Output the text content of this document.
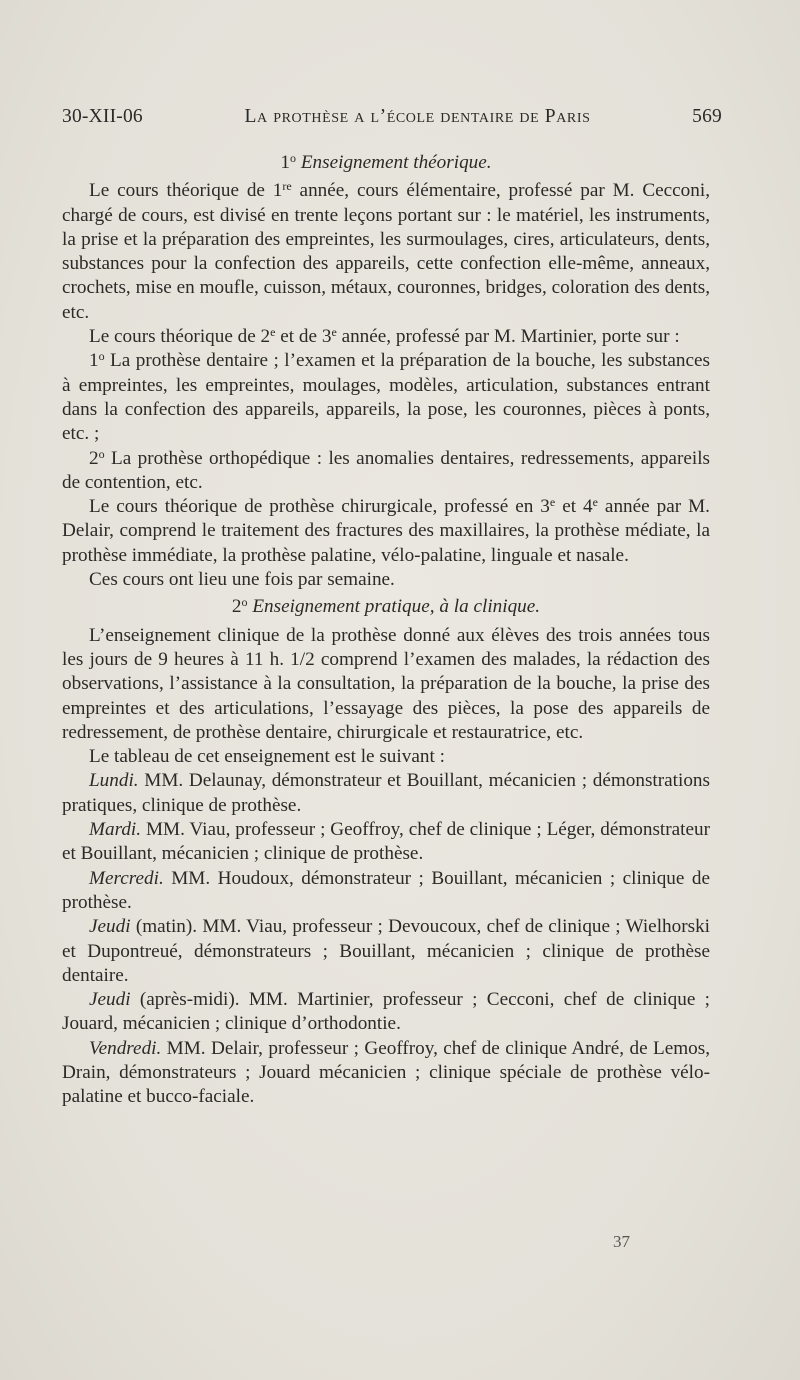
30-XII-06	La prothèse a l’école dentaire de Paris	569

1$^o$ Enseignement théorique.

Le cours théorique de 1re année, cours élémentaire, professé par M. Cecconi, chargé de cours, est divisé en trente leçons portant sur : le matériel, les instruments, la prise et la préparation des empreintes, les surmoulages, cires, articulateurs, dents, substances pour la confection des appareils, cette confection elle-même, anneaux, crochets, mise en moufle, cuisson, métaux, couronnes, bridges, coloration des dents, etc.

Le cours théorique de 2e et de 3e année, professé par M. Martinier, porte sur :

1$^o$ La prothèse dentaire ; l’examen et la préparation de la bouche, les substances à empreintes, les empreintes, moulages, modèles, articulation, substances entrant dans la confection des appareils, appareils, la pose, les couronnes, pièces à ponts, etc. ;

2$^o$ La prothèse orthopédique : les anomalies dentaires, redressements, appareils de contention, etc.

Le cours théorique de prothèse chirurgicale, professé en 3e et 4e année par M. Delair, comprend le traitement des fractures des maxillaires, la prothèse médiate, la prothèse immédiate, la prothèse palatine, vélo-palatine, linguale et nasale.

Ces cours ont lieu une fois par semaine.

2$^o$ Enseignement pratique, à la clinique.

L’enseignement clinique de la prothèse donné aux élèves des trois années tous les jours de 9 heures à 11 h. 1/2 comprend l’examen des malades, la rédaction des observations, l’assistance à la consultation, la préparation de la bouche, la prise des empreintes et des articulations, l’essayage des pièces, la pose des appareils de redressement, de prothèse dentaire, chirurgicale et restauratrice, etc.

Le tableau de cet enseignement est le suivant :

Lundi. MM. Delaunay, démonstrateur et Bouillant, mécanicien ; démonstrations pratiques, clinique de prothèse.

Mardi. MM. Viau, professeur ; Geoffroy, chef de clinique ; Léger, démonstrateur et Bouillant, mécanicien ; clinique de prothèse.

Mercredi. MM. Houdoux, démonstrateur ; Bouillant, mécanicien ; clinique de prothèse.

Jeudi (matin). MM. Viau, professeur ; Devoucoux, chef de clinique ; Wielhorski et Dupontreué, démonstrateurs ; Bouillant, mécanicien ; clinique de prothèse dentaire.

Jeudi (après-midi). MM. Martinier, professeur ; Cecconi, chef de clinique ; Jouard, mécanicien ; clinique d’orthodontie.

Vendredi. MM. Delair, professeur ; Geoffroy, chef de clinique André, de Lemos, Drain, démonstrateurs ; Jouard mécanicien ; clinique spéciale de prothèse vélo-palatine et bucco-faciale.

37
